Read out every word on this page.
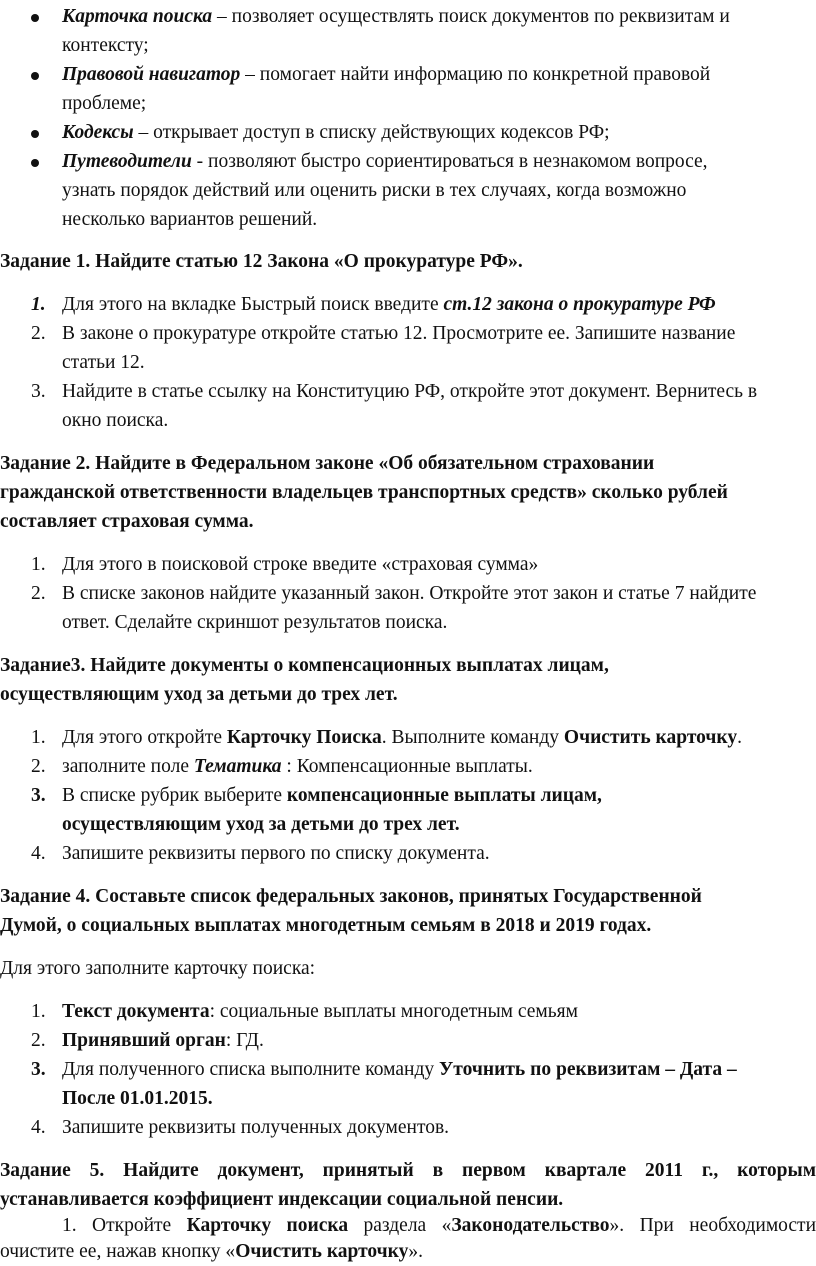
Карточка поиска – позволяет осуществлять поиск документов по реквизитам и
контексту;
Правовой навигатор – помогает найти информацию по конкретной правовой
проблеме;
Кодексы – открывает доступ в списку действующих кодексов РФ;
Путеводители - позволяют быстро сориентироваться в незнакомом вопросе,
узнать порядок действий или оценить риски в тех случаях, когда возможно
несколько вариантов решений.
Задание 1. Найдите статью 12 Закона «О прокуратуре РФ».
1. Для этого на вкладке Быстрый поиск введите ст.12 закона о прокуратуре РФ
2. В законе о прокуратуре откройте статью 12. Просмотрите ее. Запишите название
статьи 12.
3. Найдите в статье ссылку на Конституцию РФ, откройте этот документ. Вернитесь в
окно поиска.
Задание 2. Найдите в Федеральном законе «Об обязательном страховании
гражданской ответственности владельцев транспортных средств» сколько рублей
составляет страховая сумма.
1. Для этого в поисковой строке введите «страховая сумма»
2. В списке законов найдите указанный закон. Откройте этот закон и статье 7 найдите
ответ. Сделайте скриншот результатов поиска.
Задание3. Найдите документы о компенсационных выплатах лицам,
осуществляющим уход за детьми до трех лет.
1. Для этого откройте Карточку Поиска. Выполните команду Очистить карточку.
2. заполните поле Тематика : Компенсационные выплаты.
3. В списке рубрик выберите компенсационные выплаты лицам,
осуществляющим уход за детьми до трех лет.
4. Запишите реквизиты первого по списку документа.
Задание 4. Составьте список федеральных законов, принятых Государственной
Думой, о социальных выплатах многодетным семьям в 2018 и 2019 годах.
Для этого заполните карточку поиска:
1. Текст документа: социальные выплаты многодетным семьям
2. Принявший орган: ГД.
3. Для полученного списка выполните команду Уточнить по реквизитам – Дата –
После 01.01.2015.
4. Запишите реквизиты полученных документов.
Задание 5. Найдите документ, принятый в первом квартале 2011 г., которым
устанавливается коэффициент индексации социальной пенсии.
1. Откройте Карточку поиска раздела «Законодательство». При необходимости
очистите ее, нажав кнопку «Очистить карточку».
